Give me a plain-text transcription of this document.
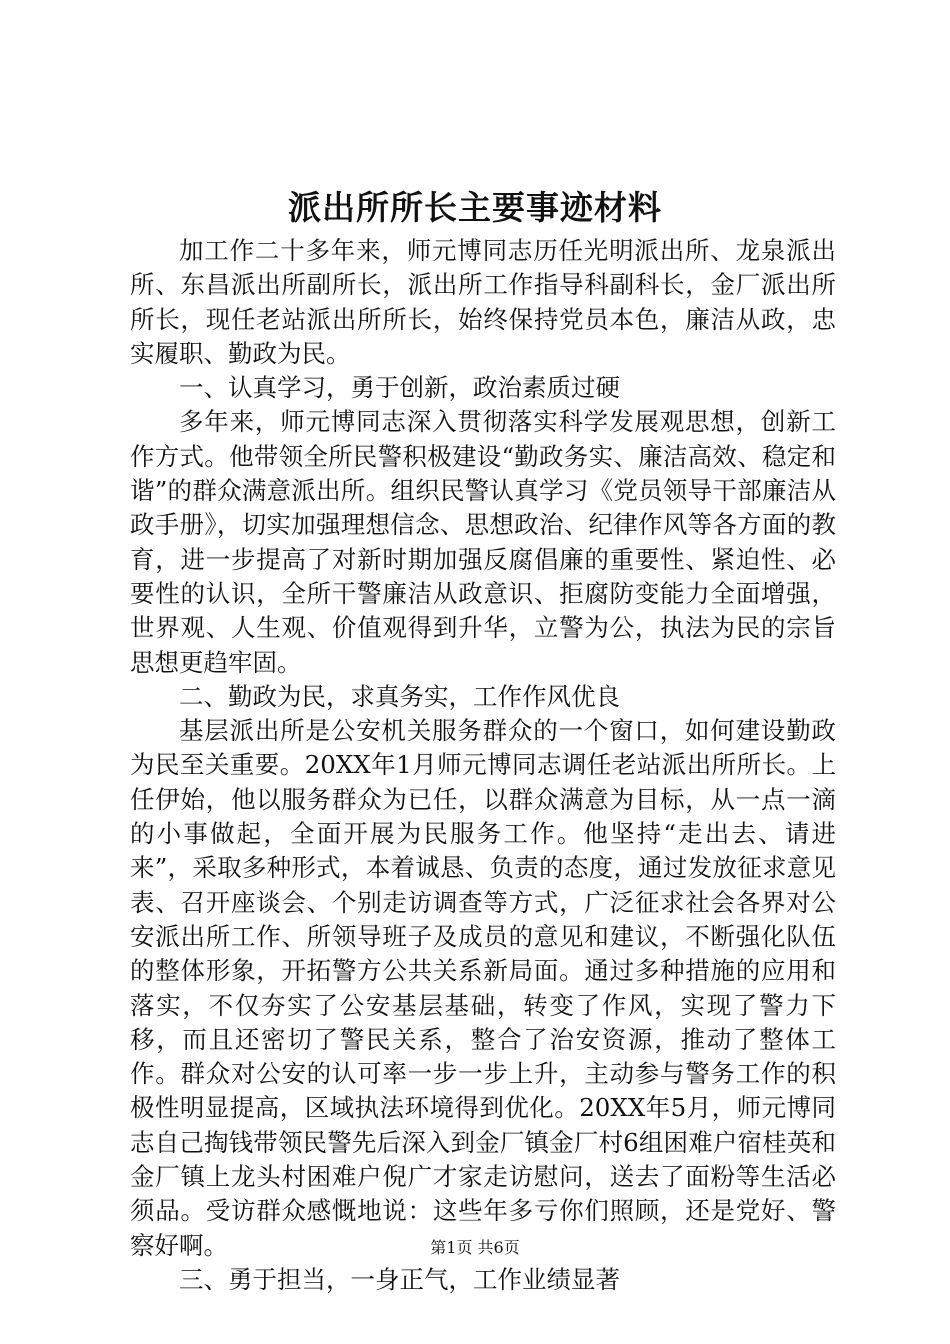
派出所所长主要事迹材料

加工作二十多年来，师元博同志历任光明派出所、龙泉派出所、东昌派出所副所长，派出所工作指导科副科长，金厂派出所所长，现任老站派出所所长，始终保持党员本色，廉洁从政，忠实履职、勤政为民。

一、认真学习，勇于创新，政治素质过硬

多年来，师元博同志深入贯彻落实科学发展观思想，创新工作方式。他带领全所民警积极建设“勤政务实、廉洁高效、稳定和谐”的群众满意派出所。组织民警认真学习《党员领导干部廉洁从政手册》，切实加强理想信念、思想政治、纪律作风等各方面的教育，进一步提高了对新时期加强反腐倡廉的重要性、紧迫性、必要性的认识，全所干警廉洁从政意识、拒腐防变能力全面增强，世界观、人生观、价值观得到升华，立警为公，执法为民的宗旨思想更趋牢固。

二、勤政为民，求真务实，工作作风优良

基层派出所是公安机关服务群众的一个窗口，如何建设勤政为民至关重要。20XX年1月师元博同志调任老站派出所所长。上任伊始，他以服务群众为已任，以群众满意为目标，从一点一滴的小事做起，全面开展为民服务工作。他坚持“走出去、请进来”，采取多种形式，本着诚恳、负责的态度，通过发放征求意见表、召开座谈会、个别走访调查等方式，广泛征求社会各界对公安派出所工作、所领导班子及成员的意见和建议，不断强化队伍的整体形象，开拓警方公共关系新局面。通过多种措施的应用和落实，不仅夯实了公安基层基础，转变了作风，实现了警力下移，而且还密切了警民关系，整合了治安资源，推动了整体工作。群众对公安的认可率一步一步上升，主动参与警务工作的积极性明显提高，区域执法环境得到优化。20XX年5月，师元博同志自己掏钱带领民警先后深入到金厂镇金厂村6组困难户宿桂英和金厂镇上龙头村困难户倪广才家走访慰问，送去了面粉等生活必须品。受访群众感慨地说：这些年多亏你们照顾，还是党好、警察好啊。

三、勇于担当，一身正气，工作业绩显著

第1页 共6页
